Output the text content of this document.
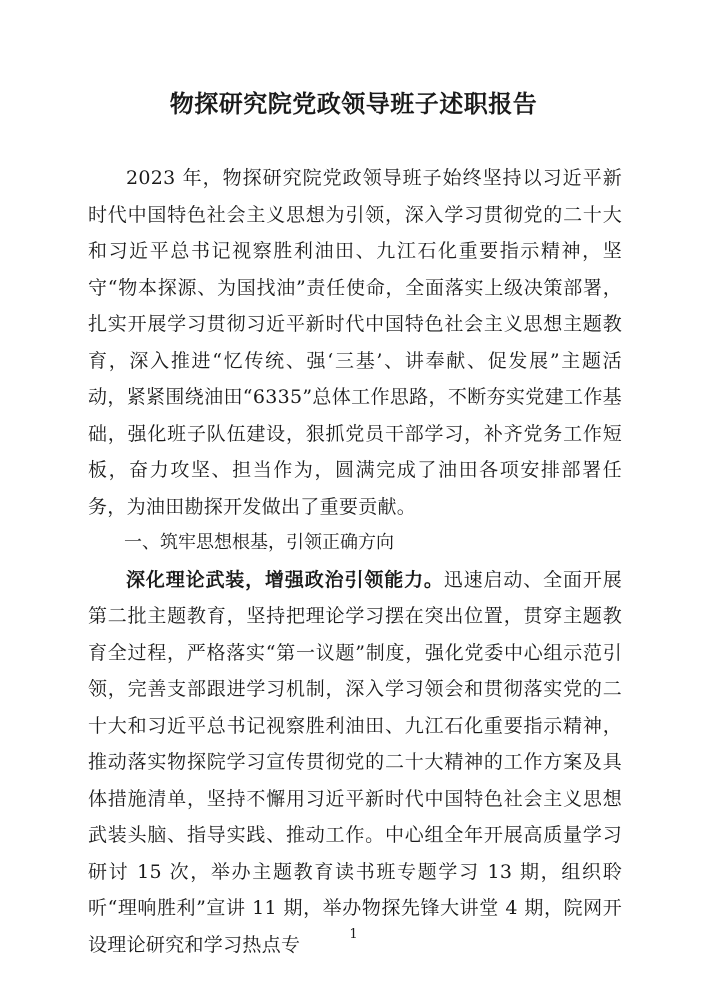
物探研究院党政领导班子述职报告

2023 年，物探研究院党政领导班子始终坚持以习近平新时代中国特色社会主义思想为引领，深入学习贯彻党的二十大和习近平总书记视察胜利油田、九江石化重要指示精神，坚守“物本探源、为国找油”责任使命，全面落实上级决策部署，扎实开展学习贯彻习近平新时代中国特色社会主义思想主题教育，深入推进“忆传统、强‘三基’、讲奉献、促发展”主题活动，紧紧围绕油田“6335”总体工作思路，不断夯实党建工作基础，强化班子队伍建设，狠抓党员干部学习，补齐党务工作短板，奋力攻坚、担当作为，圆满完成了油田各项安排部署任务，为油田勘探开发做出了重要贡献。

一、筑牢思想根基，引领正确方向

深化理论武装，增强政治引领能力。迅速启动、全面开展第二批主题教育，坚持把理论学习摆在突出位置，贯穿主题教育全过程，严格落实“第一议题”制度，强化党委中心组示范引领，完善支部跟进学习机制，深入学习领会和贯彻落实党的二十大和习近平总书记视察胜利油田、九江石化重要指示精神，推动落实物探院学习宣传贯彻党的二十大精神的工作方案及具体措施清单，坚持不懈用习近平新时代中国特色社会主义思想武装头脑、指导实践、推动工作。中心组全年开展高质量学习研讨 15 次，举办主题教育读书班专题学习 13 期，组织聆听“理响胜利”宣讲 11 期，举办物探先锋大讲堂 4 期，院网开设理论研究和学习热点专	1
